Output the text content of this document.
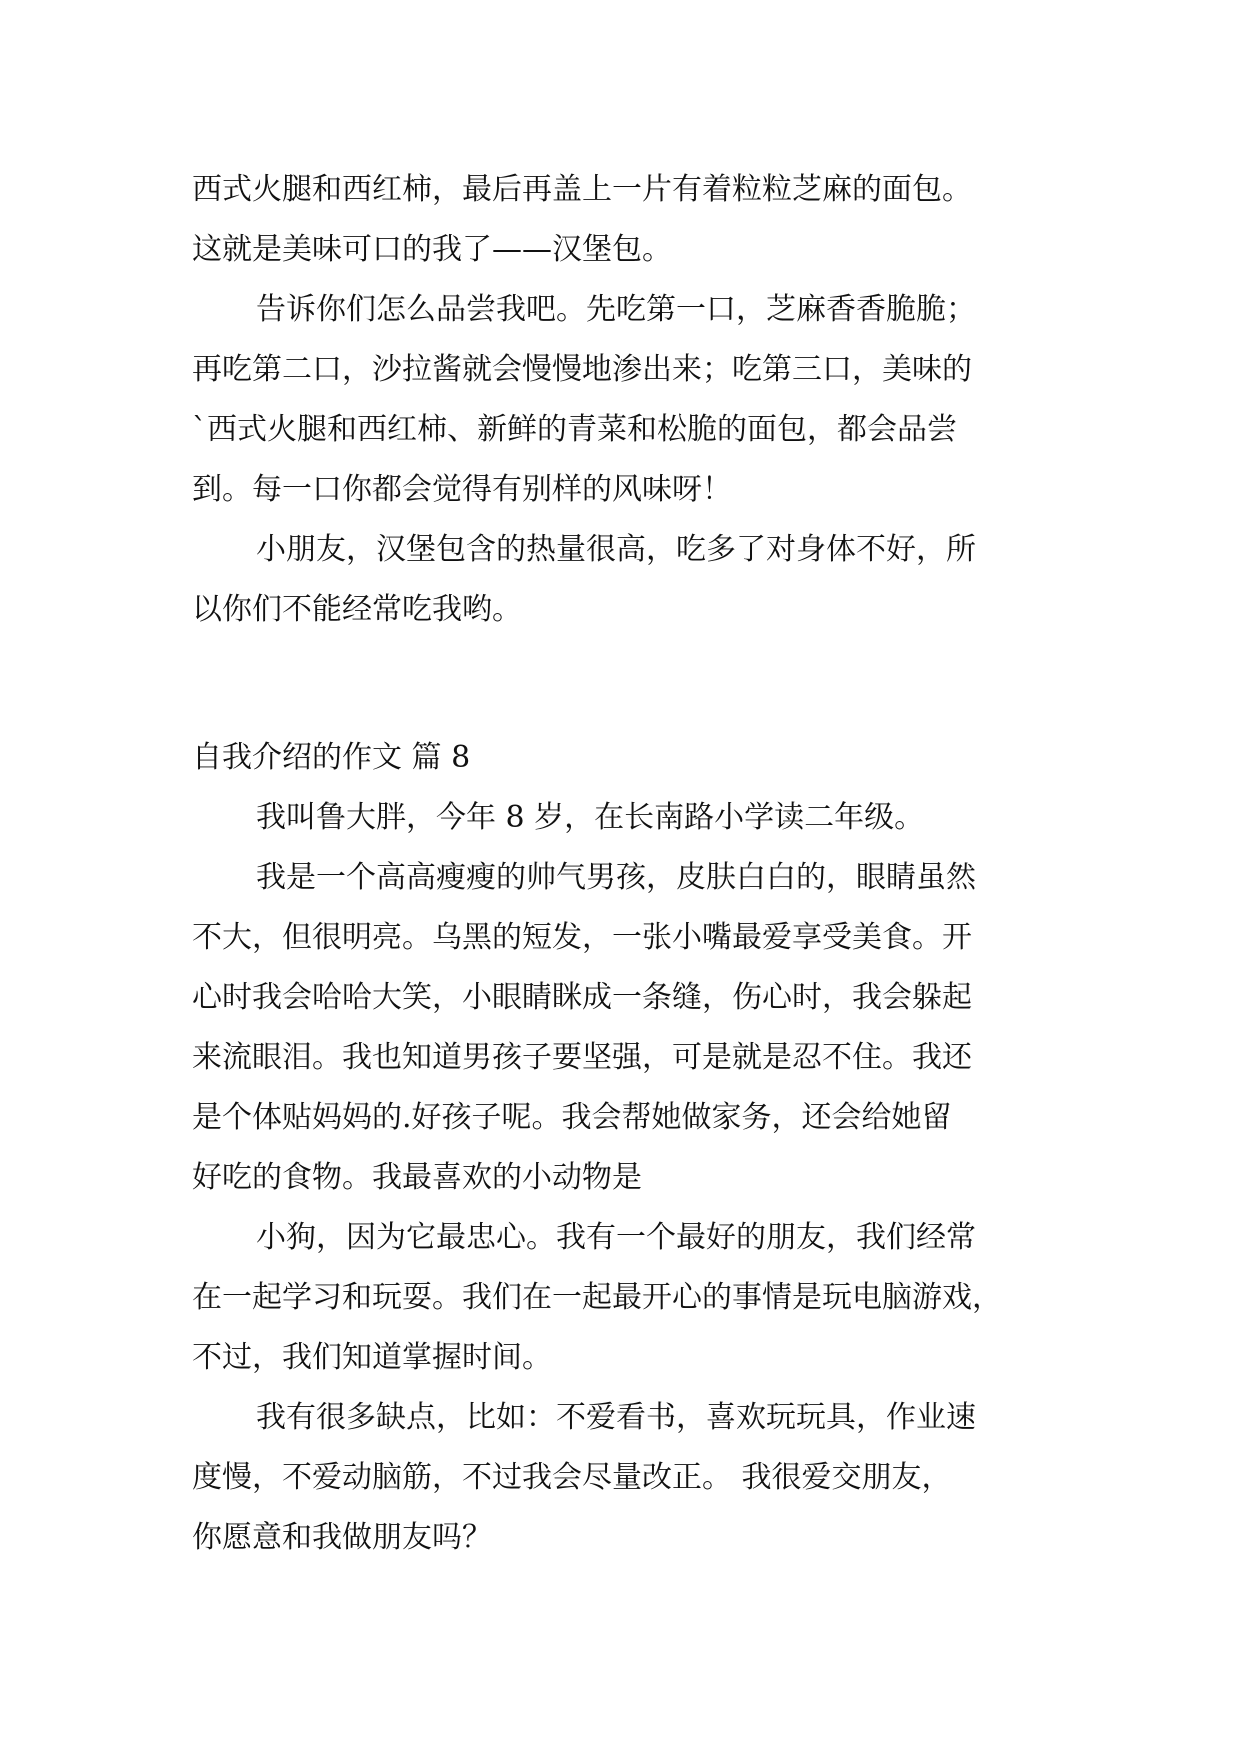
西式火腿和西红柿，最后再盖上一片有着粒粒芝麻的面包。
这就是美味可口的我了——汉堡包。
告诉你们怎么品尝我吧。先吃第一口，芝麻香香脆脆；
再吃第二口，沙拉酱就会慢慢地渗出来；吃第三口，美味的
`西式火腿和西红柿、新鲜的青菜和松脆的面包，都会品尝
到。每一口你都会觉得有别样的风味呀！
小朋友，汉堡包含的热量很高，吃多了对身体不好，所
以你们不能经常吃我哟。
自我介绍的作文 篇 8
我叫鲁大胖，今年 8 岁，在长南路小学读二年级。
我是一个高高瘦瘦的帅气男孩，皮肤白白的，眼睛虽然
不大，但很明亮。乌黑的短发，一张小嘴最爱享受美食。开
心时我会哈哈大笑，小眼睛眯成一条缝，伤心时，我会躲起
来流眼泪。我也知道男孩子要坚强，可是就是忍不住。我还
是个体贴妈妈的.好孩子呢。我会帮她做家务，还会给她留
好吃的食物。我最喜欢的小动物是
小狗，因为它最忠心。我有一个最好的朋友，我们经常
在一起学习和玩耍。我们在一起最开心的事情是玩电脑游戏，
不过，我们知道掌握时间。
我有很多缺点，比如：不爱看书，喜欢玩玩具，作业速
度慢，不爱动脑筋，不过我会尽量改正。 我很爱交朋友，
你愿意和我做朋友吗？
